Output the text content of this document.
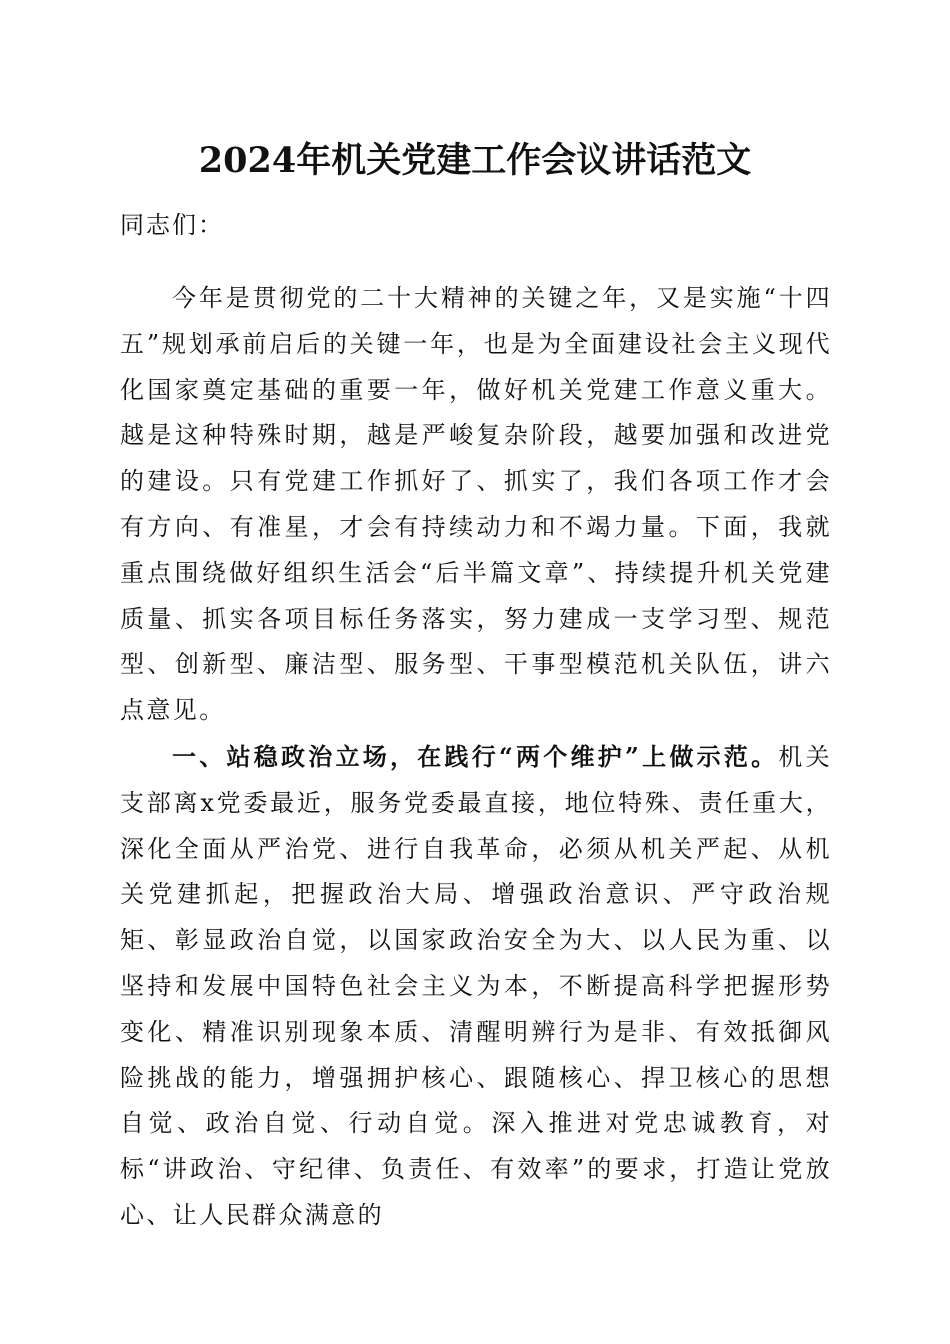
2024年机关党建工作会议讲话范文
同志们：

今年是贯彻党的二十大精神的关键之年，又是实施“十四五”规划承前启后的关键一年，也是为全面建设社会主义现代化国家奠定基础的重要一年，做好机关党建工作意义重大。越是这种特殊时期，越是严峻复杂阶段，越要加强和改进党的建设。只有党建工作抓好了、抓实了，我们各项工作才会有方向、有准星，才会有持续动力和不竭力量。下面，我就重点围绕做好组织生活会“后半篇文章”、持续提升机关党建质量、抓实各项目标任务落实，努力建成一支学习型、规范型、创新型、廉洁型、服务型、干事型模范机关队伍，讲六点意见。

一、站稳政治立场，在践行“两个维护”上做示范。机关支部离x党委最近，服务党委最直接，地位特殊、责任重大，深化全面从严治党、进行自我革命，必须从机关严起、从机关党建抓起，把握政治大局、增强政治意识、严守政治规矩、彰显政治自觉，以国家政治安全为大、以人民为重、以坚持和发展中国特色社会主义为本，不断提高科学把握形势变化、精准识别现象本质、清醒明辨行为是非、有效抵御风险挑战的能力，增强拥护核心、跟随核心、捍卫核心的思想自觉、政治自觉、行动自觉。深入推进对党忠诚教育，对标“讲政治、守纪律、负责任、有效率”的要求，打造让党放心、让人民群众满意的
